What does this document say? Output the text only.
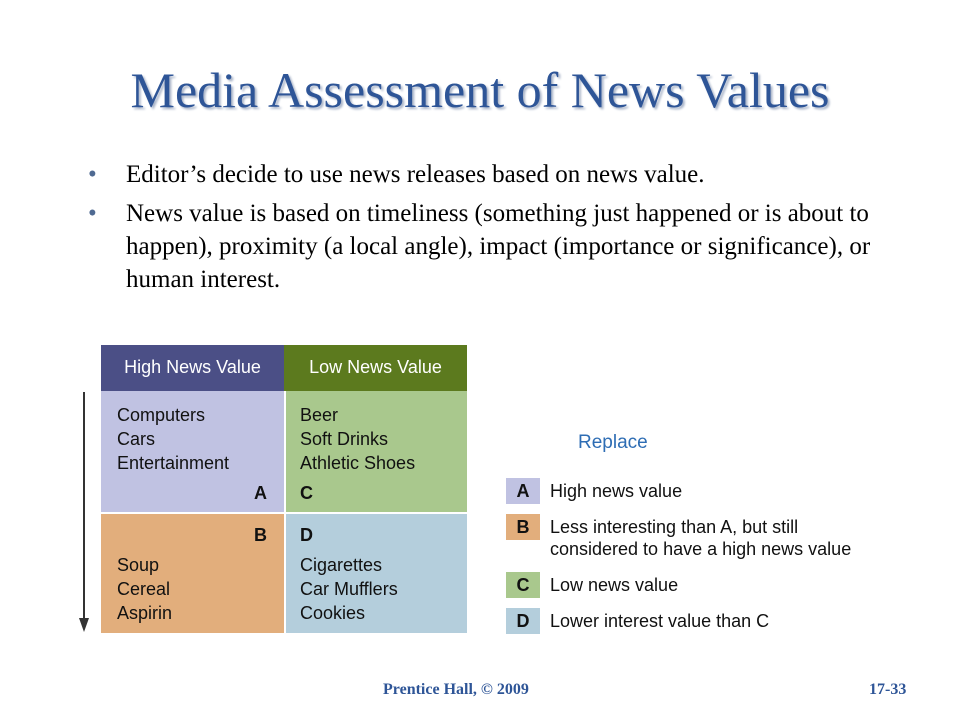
Media Assessment of News Values
• Editor’s decide to use news releases based on news value.
• News value is based on timeliness (something just happened or is about to happen), proximity (a local angle), impact (importance or significance), or human interest.
High News Value	Low News Value
Computers
Cars
Entertainment
A
Beer
Soft Drinks
Athletic Shoes
C
B
Soup
Cereal
Aspirin
D
Cigarettes
Car Mufflers
Cookies
Replace
A	High news value
B	Less interesting than A, but still considered to have a high news value
C	Low news value
D	Lower interest value than C
Prentice Hall, © 2009	17-33
